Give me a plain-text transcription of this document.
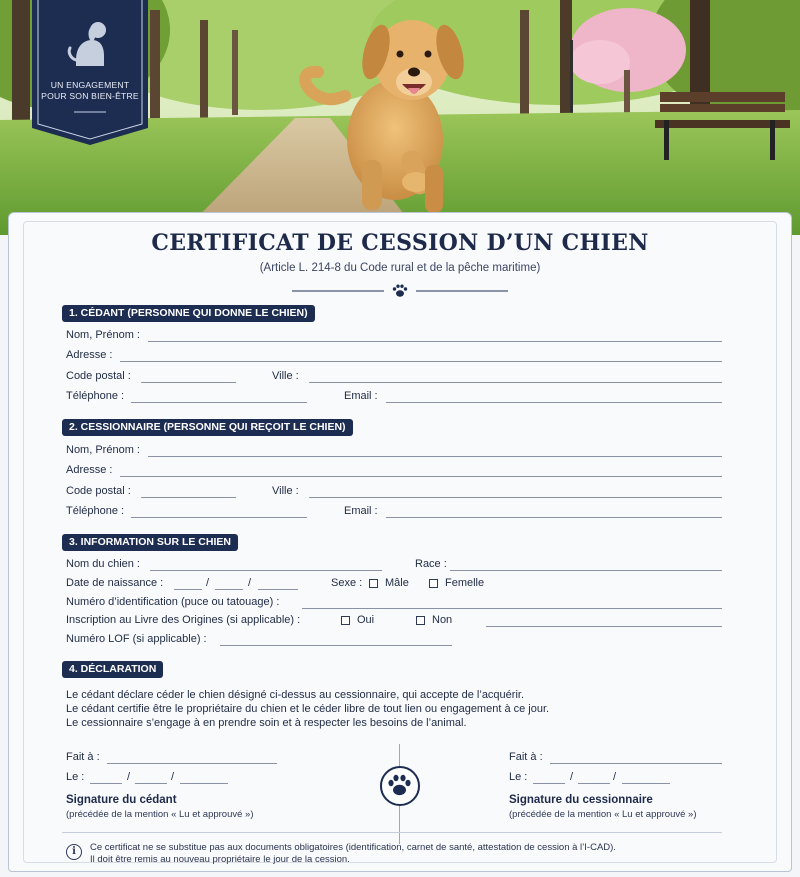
UN ENGAGEMENT
POUR SON BIEN-ÊTRE
CERTIFICAT DE CESSION D’UN CHIEN
(Article L. 214-8 du Code rural et de la pêche maritime)
1. CÉDANT (PERSONNE QUI DONNE LE CHIEN)
Nom, Prénom :
Adresse :
Code postal :	Ville :
Téléphone :	Email :
2. CESSIONNAIRE (PERSONNE QUI REÇOIT LE CHIEN)
Nom, Prénom :
Adresse :
Code postal :	Ville :
Téléphone :	Email :
3. INFORMATION SUR LE CHIEN
Nom du chien :	Race :
Date de naissance :	/	/	Sexe : Mâle	Femelle
Numéro d’identification (puce ou tatouage) :
Inscription au Livre des Origines (si applicable) :	Oui	Non
Numéro LOF (si applicable) :
4. DÉCLARATION

Le cédant déclare céder le chien désigné ci-dessus au cessionnaire, qui accepte de l’acquérir.

Le cédant certifie être le propriétaire du chien et le céder libre de tout lien ou engagement à ce jour.

Le cessionnaire s’engage à en prendre soin et à respecter les besoins de l’animal.

Fait à :
Le :	/	/
Signature du cédant
(précédée de la mention « Lu et approuvé »)
Fait à :
Le :	/	/
Signature du cessionnaire
(précédée de la mention « Lu et approuvé »)
i	Ce certificat ne se substitue pas aux documents obligatoires (identification, carnet de santé, attestation de cession à l’I-CAD).
Il doit être remis au nouveau propriétaire le jour de la cession.
